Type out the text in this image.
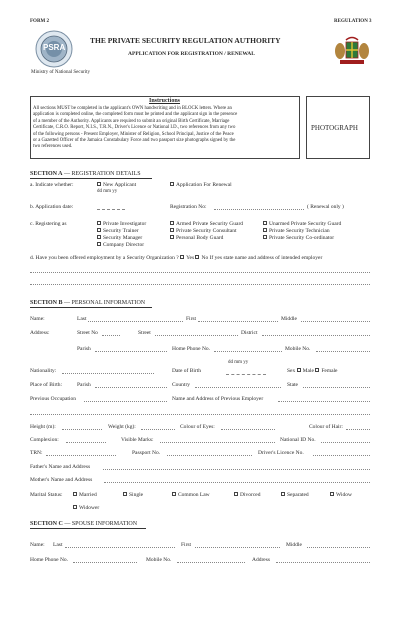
FORM 2	REGULATION 3
PSRA
Ministry of National Security
THE PRIVATE SECURITY REGULATION AUTHORITY
APPLICATION FOR REGISTRATION / RENEWAL
Instructions
All sections MUST be completed in the applicant's OWN handwriting and in BLOCK letters. Where an
application is completed online, the completed form must be printed and the applicant sign in the presence
of a member of the Authority. Applicants are required to submit an original Birth Certificate, Marriage
Certificate, C.R.O. Report, N.I.S., T.R.N., Driver's Licence or National I.D., two references from any two
of the following persons - Present Employer, Minister of Religion, School Principal, Justice of the Peace
or a Gazetted Officer of the Jamaica Constabulary Force and two passport size photographs signed by the
two references used.
PHOTOGRAPH
SECTION A — REGISTRATION DETAILS
a. Indicate whether:	New Applicant	Application For Renewal
dd mm yy
b. Application date:	Registration No:	( Renewal only )
c. Registering as	Private Investigator	Armed Private Security Guard	Unarmed Private Security Guard
Security Trainer	Private Security Consultant	Private Security Technician
Security Manager	Personal Body Guard	Private Security Co-ordinator
Company Director
d. Have you been offered employment by a Security Organization ? Yes No If yes state name and address of intended employer
SECTION B — PERSONAL INFORMATION
Name:	Last	First	Middle
Address:	Street No	Street	District
Parish	Home Phone No.	Mobile No.
dd mm yy
Nationality:	Date of Birth	Sex Male Female
Place of Birth:	Parish	Country	State
Previous Occupation	Name and Address of Previous Employer
Height (m):	Weight (kg):	Colour of Eyes:	Colour of Hair:
Complexion:	Visible Marks:	National ID No.
TRN:	Passport No.	Driver's Licence No.
Father's Name and Address
Mother's Name and Address
Marital Status:	Married	Single	Common Law	Divorced	Separated	Widow
Widower
SECTION C — SPOUSE INFORMATION
Name: Last	First	Middle
Home Phone No.	Mobile No.	Address
